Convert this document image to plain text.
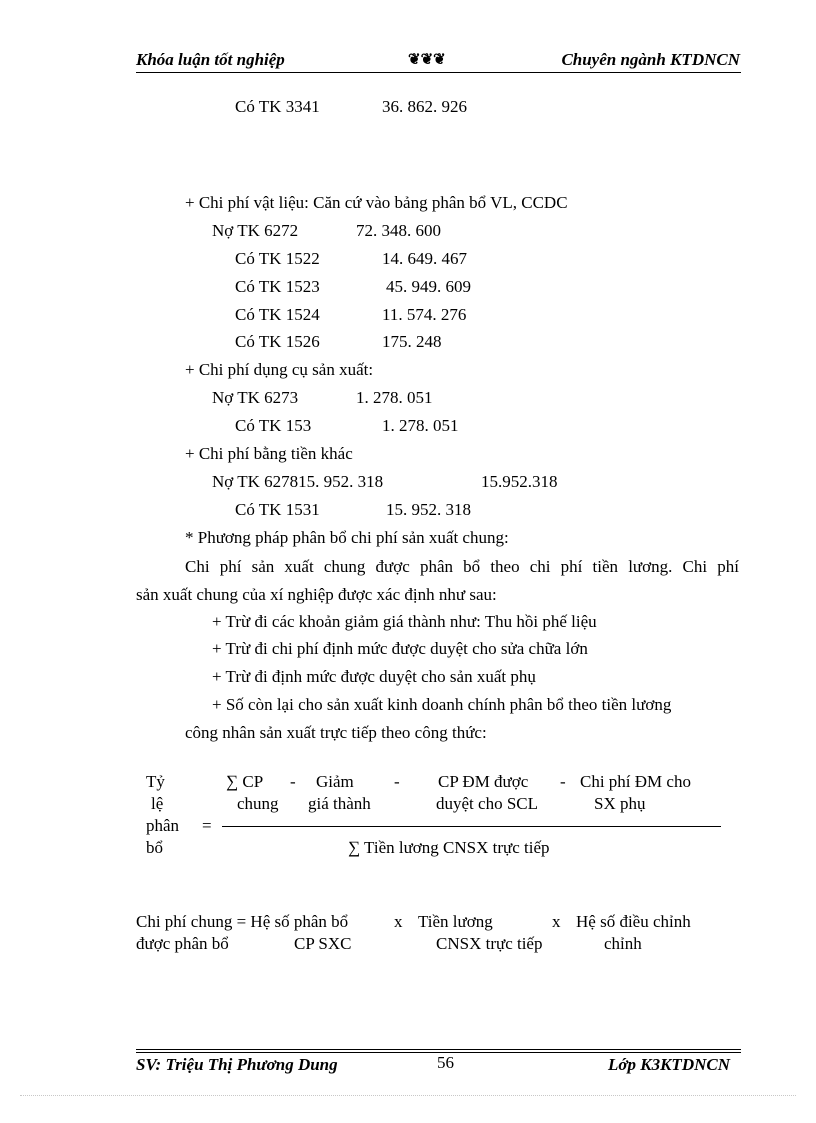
Khóa luận tốt nghiệp	❦❦❦	Chuyên ngành KTDNCN
Có TK 3341	36. 862. 926
+ Chi phí vật liệu: Căn cứ vào bảng phân bổ VL, CCDC
Nợ TK 6272	72. 348. 600
Có TK 1522	14. 649. 467
Có TK 1523	45. 949. 609
Có TK 1524	11. 574. 276
Có TK 1526	175. 248
+ Chi phí dụng cụ sản xuất:
Nợ TK 6273	1. 278. 051
Có TK 153	1. 278. 051
+ Chi phí bằng tiền khác
Nợ TK 627815. 952. 318	15.952.318
Có TK 1531	15. 952. 318
* Phương pháp phân bổ chi phí sản xuất chung:
Chi phí sản xuất chung được phân bổ theo chi phí tiền lương. Chi phí
sản xuất chung của xí nghiệp được xác định như sau:
+ Trừ đi các khoản giảm giá thành như: Thu hồi phế liệu
+ Trừ đi chi phí định mức được duyệt cho sửa chữa lớn
+ Trừ đi định mức được duyệt cho sản xuất phụ
+ Số còn lại cho sản xuất kinh doanh chính phân bổ theo tiền lương
công nhân sản xuất trực tiếp theo công thức:
Tỷ
lệ
phân
bổ
=
∑ CP
chung
- Giảm
giá thành
- CP ĐM được
duyệt cho SCL
- Chi phí ĐM cho
SX phụ
∑ Tiền lương CNSX trực tiếp
Chi phí chung = Hệ số phân bổ	x Tiền lương	x Hệ số điều chỉnh
được phân bổ	CP SXC	CNSX trực tiếp	chỉnh
SV: Triệu Thị Phương Dung	56	Lớp K3KTDNCN
